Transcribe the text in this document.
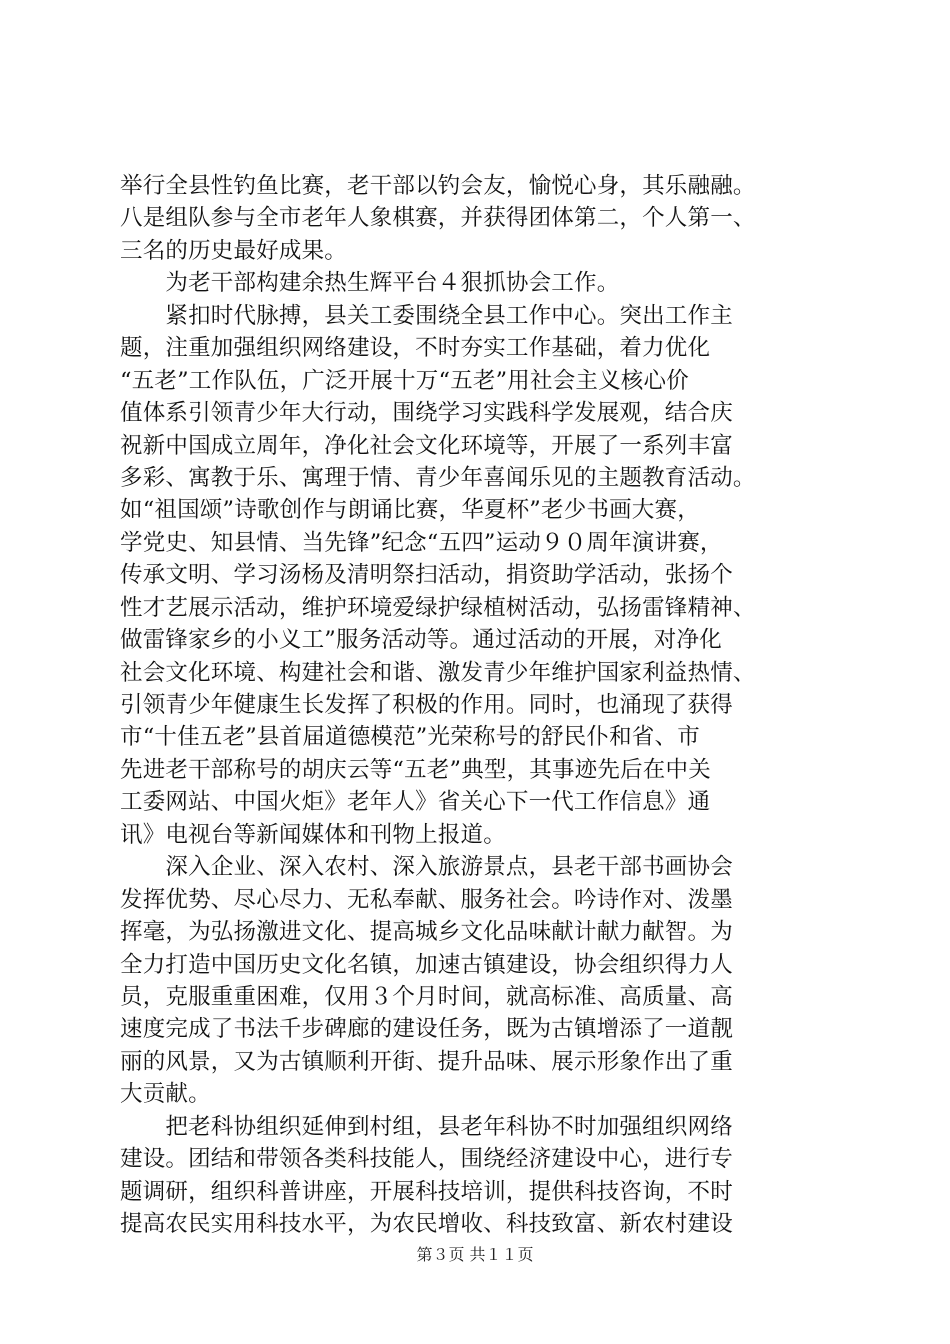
举行全县性钓鱼比赛，老干部以钓会友，愉悦心身，其乐融融。
八是组队参与全市老年人象棋赛，并获得团体第二，个人第一、
三名的历史最好成果。
　　为老干部构建余热生辉平台４狠抓协会工作。
　　紧扣时代脉搏，县关工委围绕全县工作中心。突出工作主
题，注重加强组织网络建设，不时夯实工作基础，着力优化
“五老”工作队伍，广泛开展十万“五老”用社会主义核心价
值体系引领青少年大行动，围绕学习实践科学发展观，结合庆
祝新中国成立周年，净化社会文化环境等，开展了一系列丰富
多彩、寓教于乐、寓理于情、青少年喜闻乐见的主题教育活动。
如“祖国颂”诗歌创作与朗诵比赛，华夏杯”老少书画大赛，
学党史、知县情、当先锋”纪念“五四”运动９０周年演讲赛，
传承文明、学习汤杨及清明祭扫活动，捐资助学活动，张扬个
性才艺展示活动，维护环境爱绿护绿植树活动，弘扬雷锋精神、
做雷锋家乡的小义工”服务活动等。通过活动的开展，对净化
社会文化环境、构建社会和谐、激发青少年维护国家利益热情、
引领青少年健康生长发挥了积极的作用。同时，也涌现了获得
市“十佳五老”县首届道德模范”光荣称号的舒民仆和省、市
先进老干部称号的胡庆云等“五老”典型，其事迹先后在中关
工委网站、中国火炬》老年人》省关心下一代工作信息》通
讯》电视台等新闻媒体和刊物上报道。
　　深入企业、深入农村、深入旅游景点，县老干部书画协会
发挥优势、尽心尽力、无私奉献、服务社会。吟诗作对、泼墨
挥毫，为弘扬激进文化、提高城乡文化品味献计献力献智。为
全力打造中国历史文化名镇，加速古镇建设，协会组织得力人
员，克服重重困难，仅用３个月时间，就高标准、高质量、高
速度完成了书法千步碑廊的建设任务，既为古镇增添了一道靓
丽的风景，又为古镇顺利开街、提升品味、展示形象作出了重
大贡献。
　　把老科协组织延伸到村组，县老年科协不时加强组织网络
建设。团结和带领各类科技能人，围绕经济建设中心，进行专
题调研，组织科普讲座，开展科技培训，提供科技咨询，不时
提高农民实用科技水平，为农民增收、科技致富、新农村建设
第３页 共１１页
